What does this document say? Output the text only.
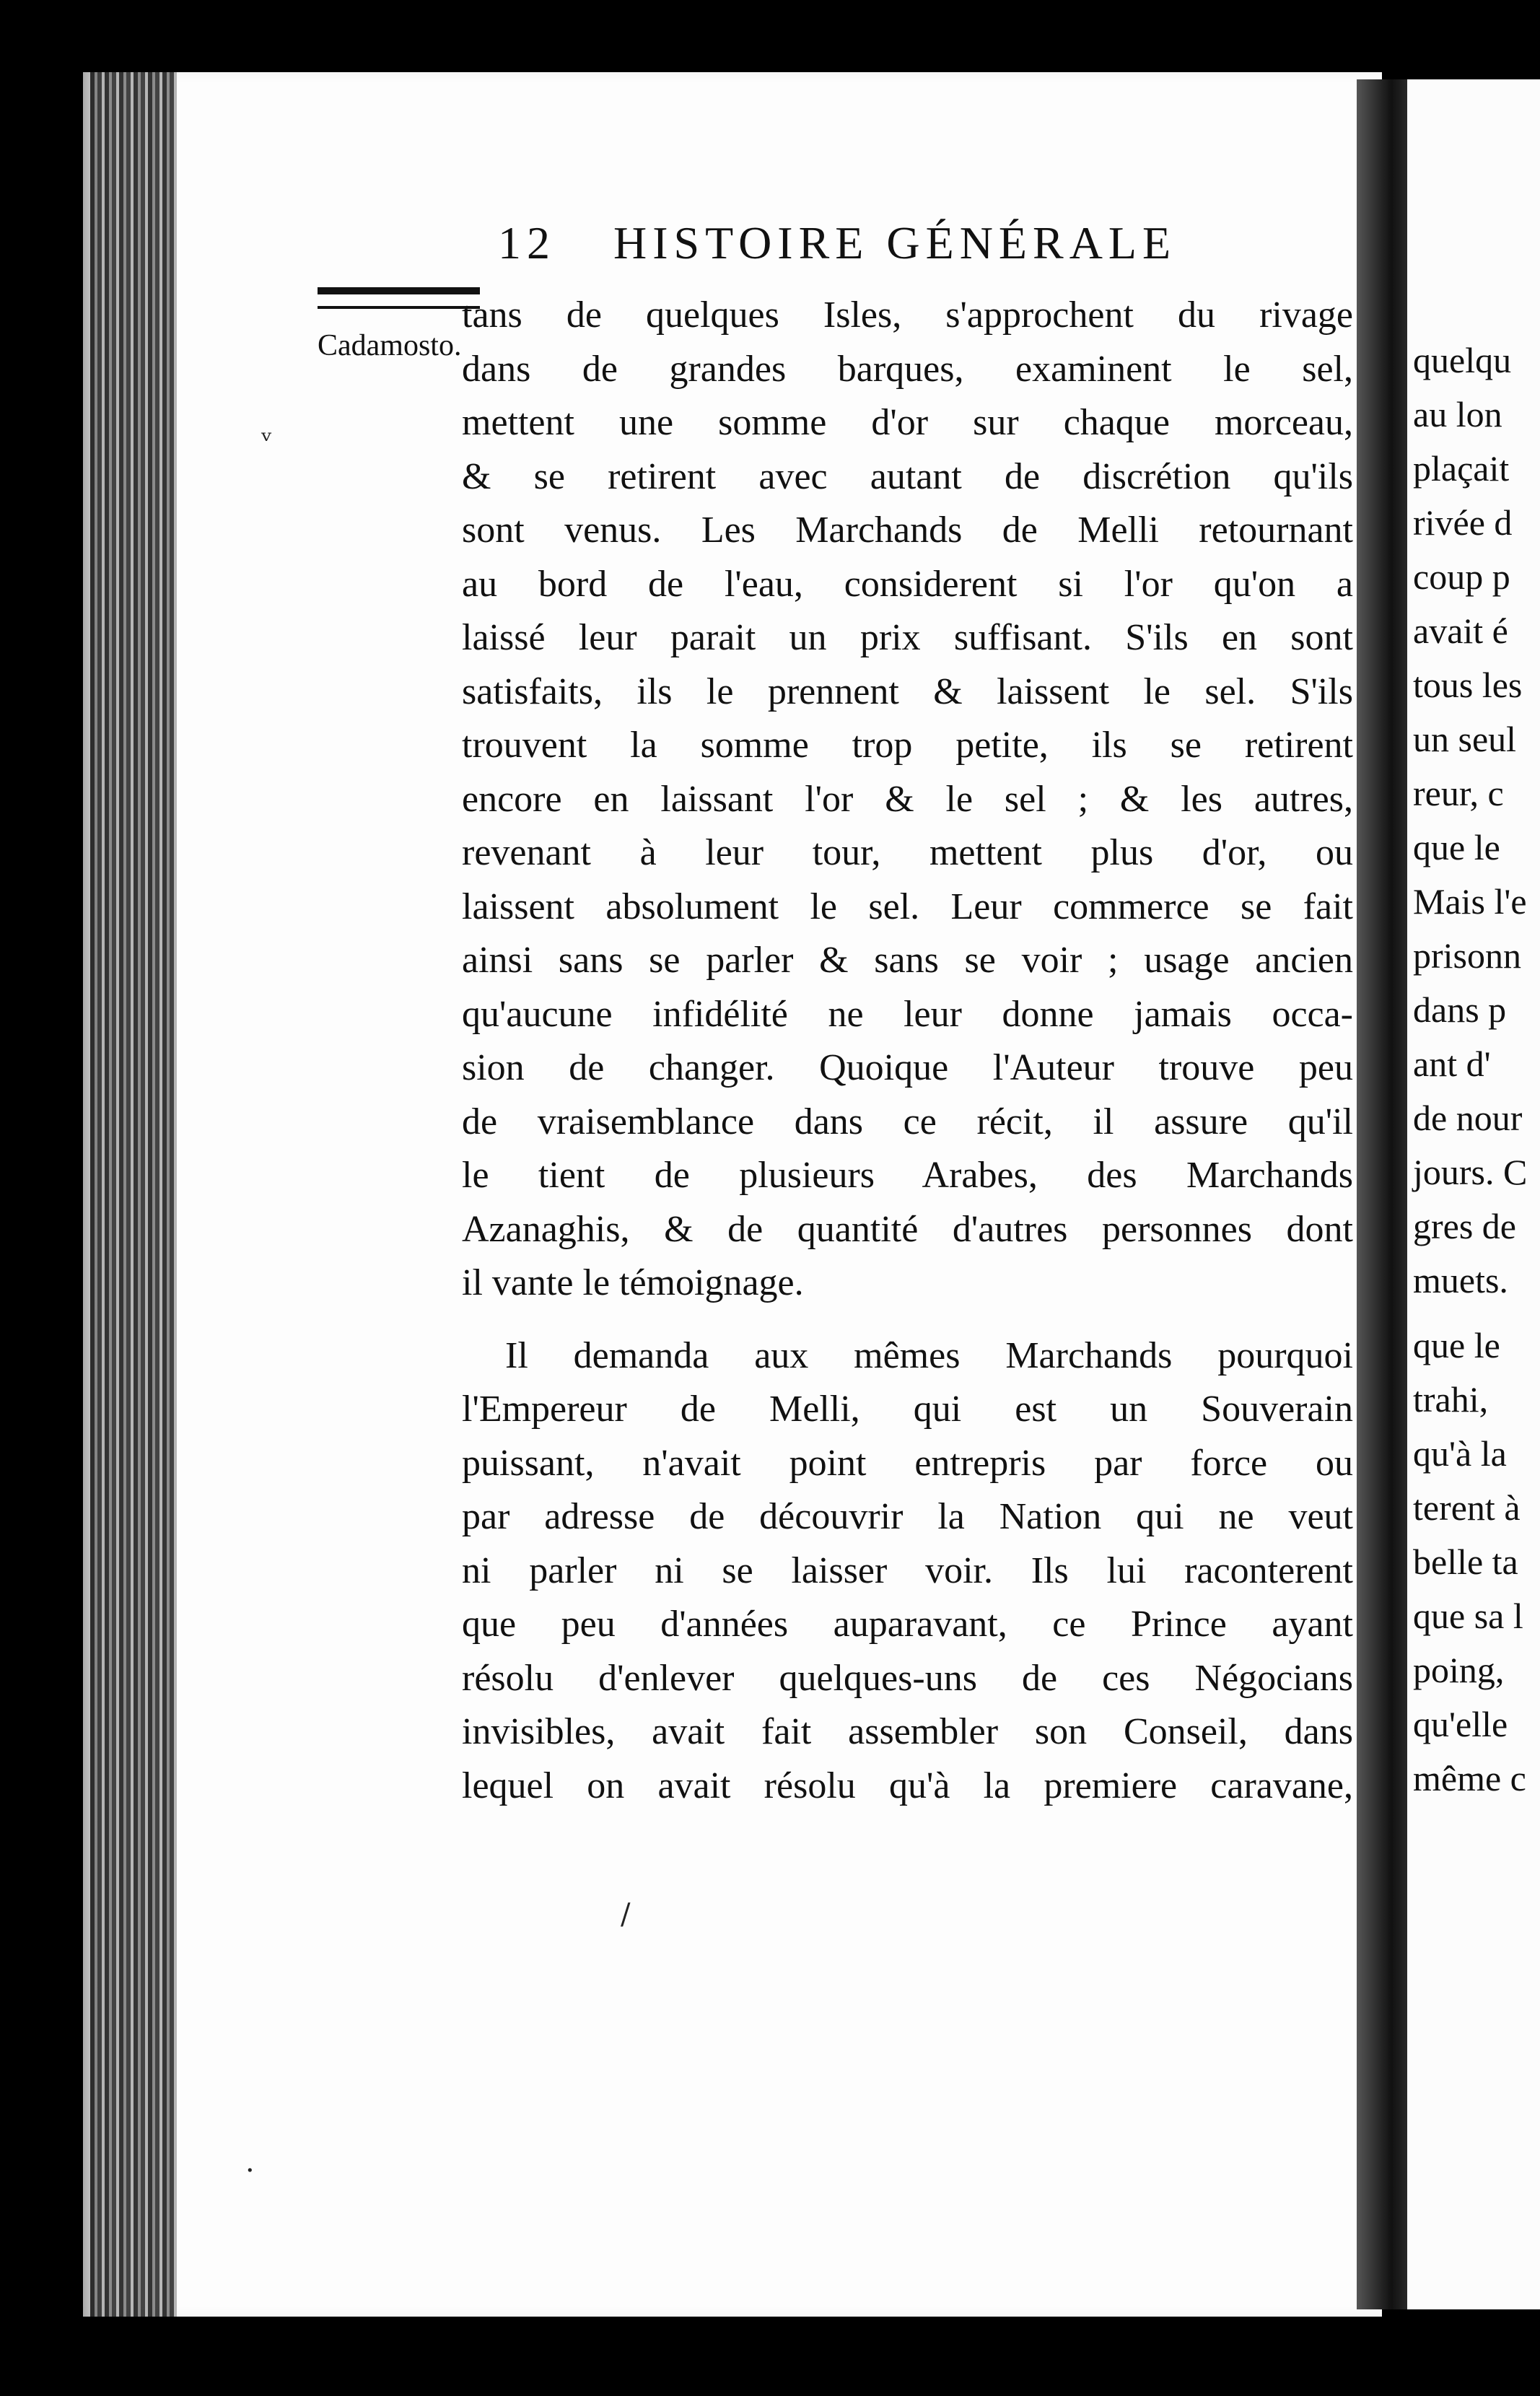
12 HISTOIRE GÉNÉRALE
Cadamosto.
tans de quelques Isles, s'approchent du rivage
dans de grandes barques, examinent le sel,
mettent une somme d'or sur chaque morceau,
& se retirent avec autant de discrétion qu'ils
sont venus. Les Marchands de Melli retournant
au bord de l'eau, considerent si l'or qu'on a
laissé leur parait un prix suffisant. S'ils en sont
satisfaits, ils le prennent & laissent le sel. S'ils
trouvent la somme trop petite, ils se retirent
encore en laissant l'or & le sel ; & les autres,
revenant à leur tour, mettent plus d'or, ou
laissent absolument le sel. Leur commerce se fait
ainsi sans se parler & sans se voir ; usage ancien
qu'aucune infidélité ne leur donne jamais occa-
sion de changer. Quoique l'Auteur trouve peu
de vraisemblance dans ce récit, il assure qu'il
le tient de plusieurs Arabes, des Marchands
Azanaghis, & de quantité d'autres personnes dont
il vante le témoignage.
Il demanda aux mêmes Marchands pourquoi
l'Empereur de Melli, qui est un Souverain
puissant, n'avait point entrepris par force ou
par adresse de découvrir la Nation qui ne veut
ni parler ni se laisser voir. Ils lui raconterent
que peu d'années auparavant, ce Prince ayant
résolu d'enlever quelques-uns de ces Négocians
invisibles, avait fait assembler son Conseil, dans
lequel on avait résolu qu'à la premiere caravane,
quelqu
au lon
plaçait
rivée d
coup p
avait é
tous les
un seul
reur, c
que le
Mais l'e
prisonn
dans p
ant d'
de nour
jours. C
gres de
muets.
que le
trahi,
qu'à la
terent à
belle ta
que sa l
poing,
qu'elle
même c
ᵥ
·
/
